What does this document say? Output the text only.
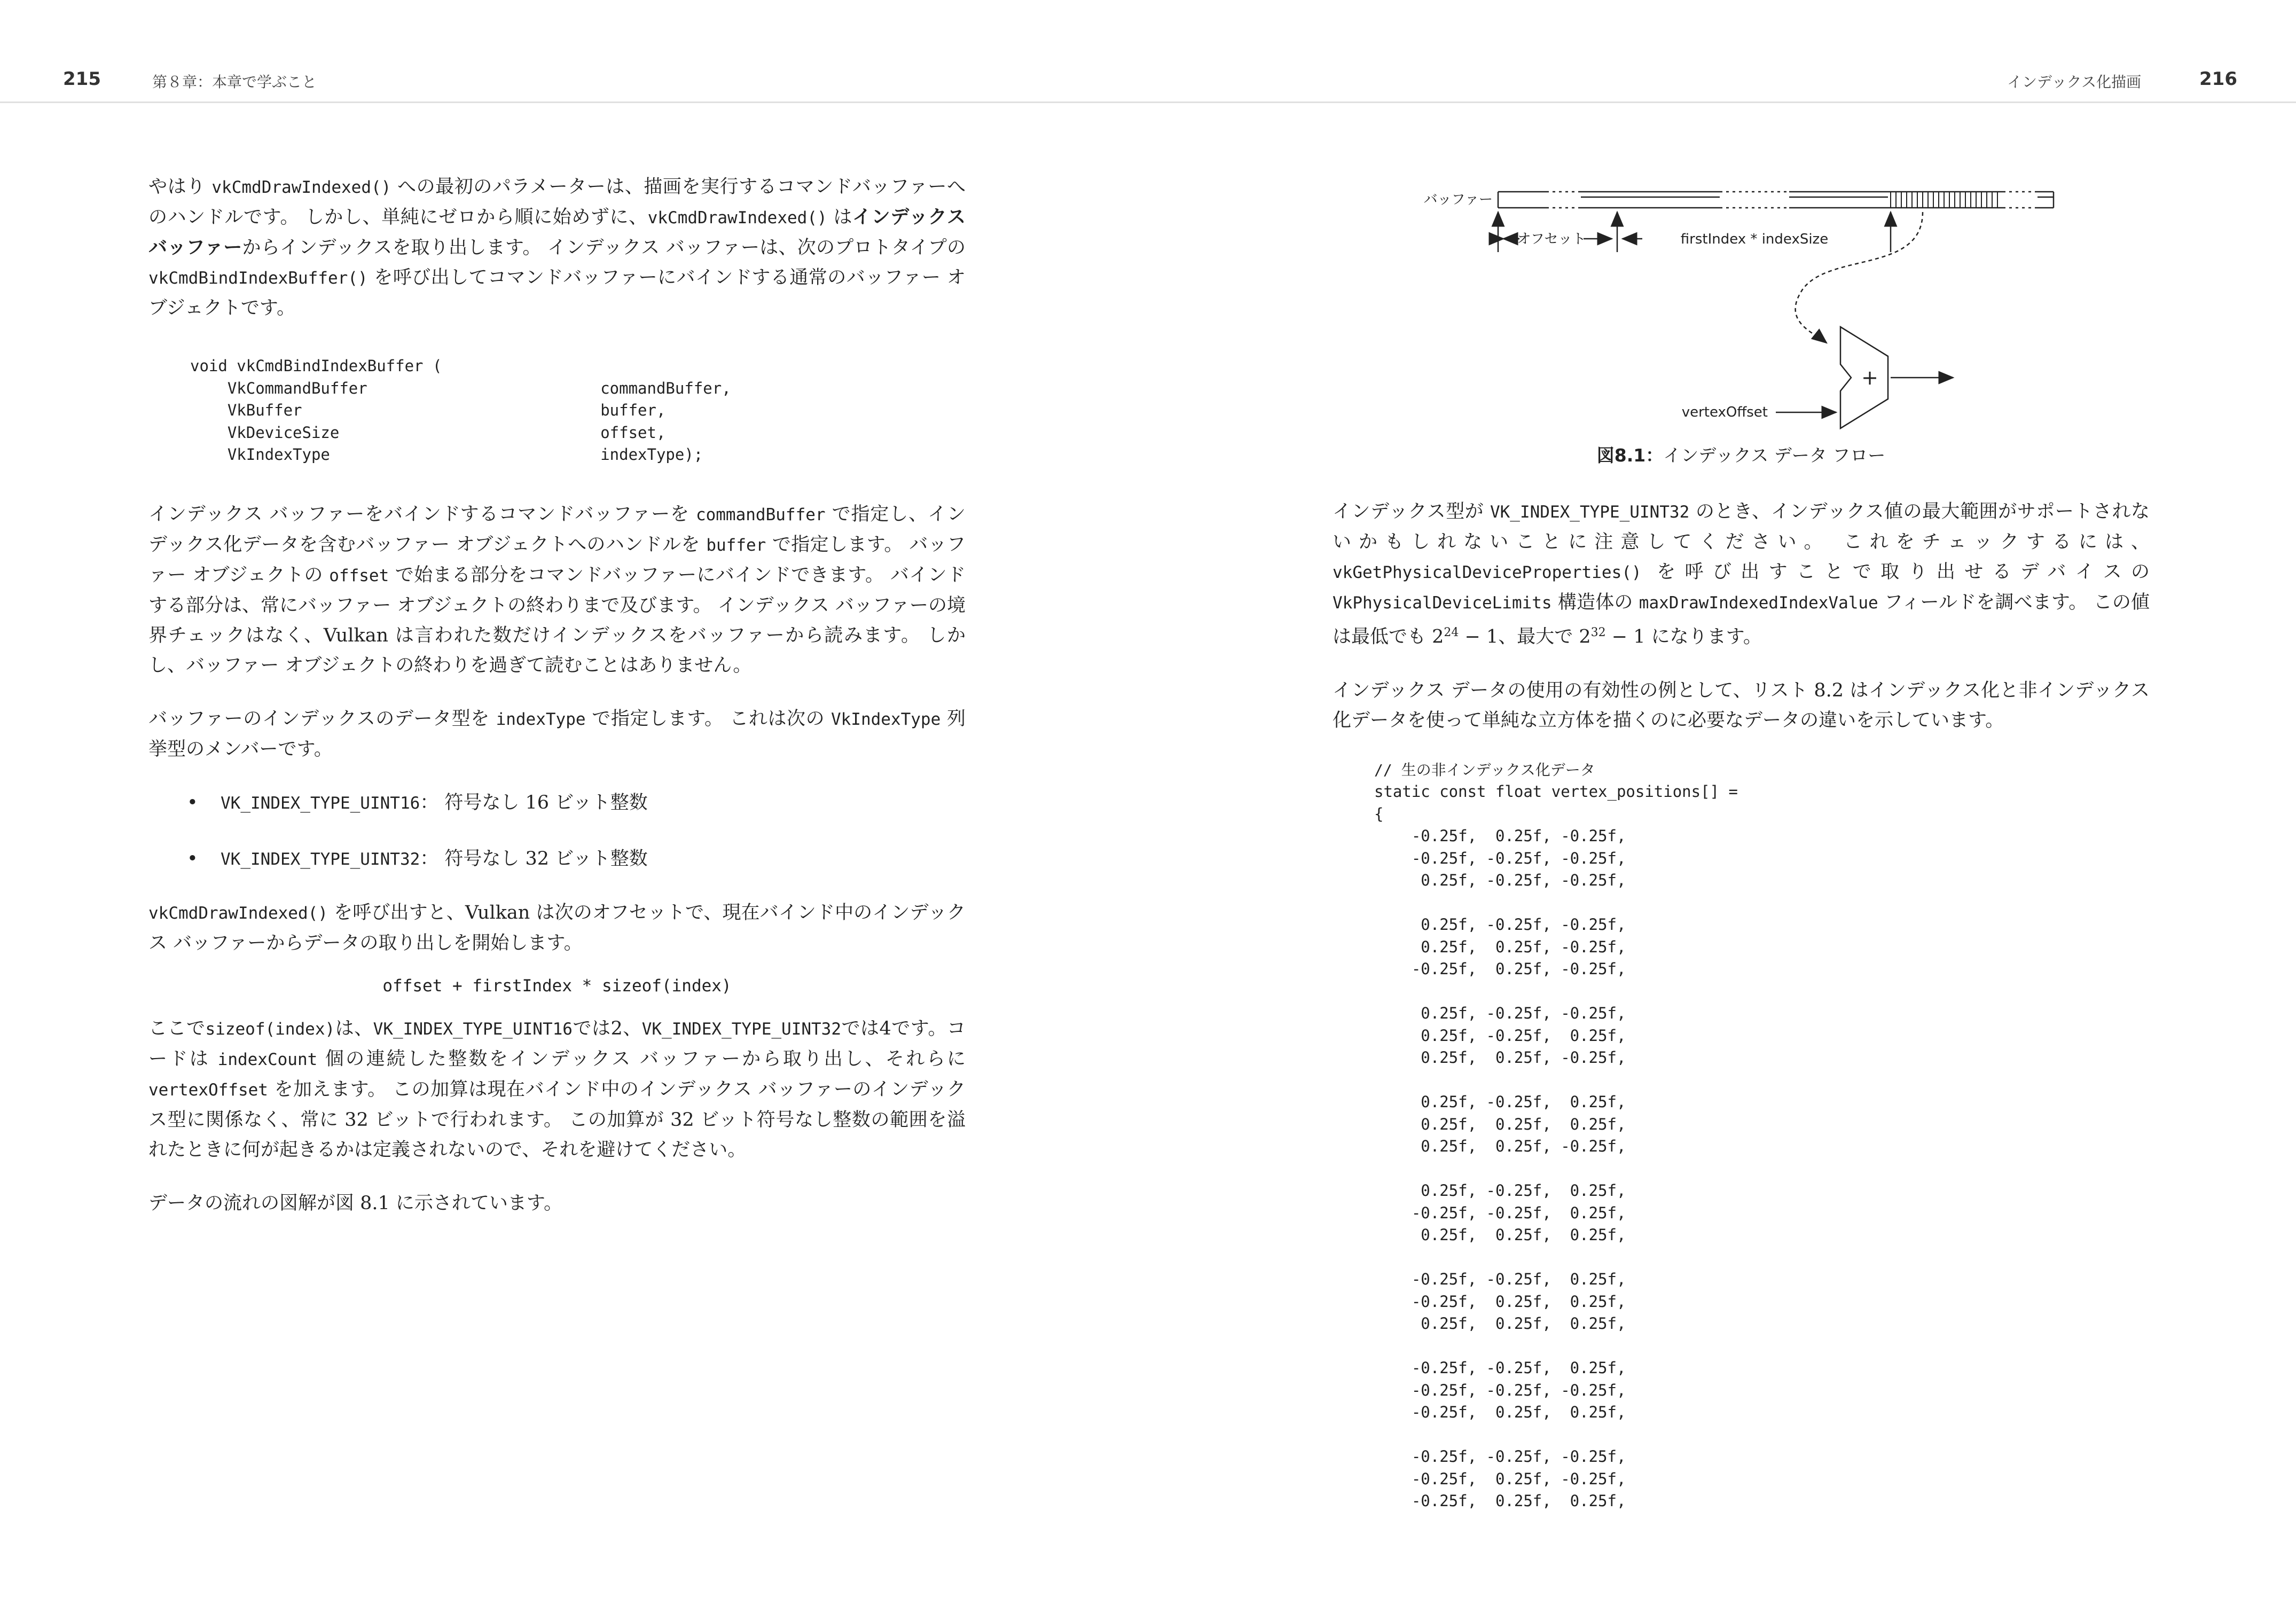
215	第８章：本章で学ぶこと	インデックス化描画	216

やはり vkCmdDrawIndexed() への最初のパラメーターは、描画を実行するコマンドバッファーへのハンドルです。 しかし、単純にゼロから順に始めずに、vkCmdDrawIndexed() はインデックス バッファーからインデックスを取り出します。 インデックス バッファーは、次のプロトタイプの vkCmdBindIndexBuffer() を呼び出してコマンドバッファーにバインドする通常のバッファー オブジェクトです。

void vkCmdBindIndexBuffer (
VkCommandBuffer                         commandBuffer,
VkBuffer                                buffer,
VkDeviceSize                            offset,
VkIndexType                             indexType);

インデックス バッファーをバインドするコマンドバッファーを commandBuffer で指定し、インデックス化データを含むバッファー オブジェクトへのハンドルを buffer で指定します。 バッファー オブジェクトの offset で始まる部分をコマンドバッファーにバインドできます。 バインドする部分は、常にバッファー オブジェクトの終わりまで及びます。 インデックス バッファーの境界チェックはなく、Vulkan は言われた数だけインデックスをバッファーから読みます。 しかし、バッファー オブジェクトの終わりを過ぎて読むことはありません。

バッファーのインデックスのデータ型を indexType で指定します。 これは次の VkIndexType 列挙型のメンバーです。

• VK_INDEX_TYPE_UINT16： 符号なし 16 ビット整数
• VK_INDEX_TYPE_UINT32： 符号なし 32 ビット整数

vkCmdDrawIndexed() を呼び出すと、Vulkan は次のオフセットで、現在バインド中のインデックス バッファーからデータの取り出しを開始します。

offset + firstIndex * sizeof(index)

ここでsizeof(index)は、VK_INDEX_TYPE_UINT16では2、VK_INDEX_TYPE_UINT32では4です。コードは indexCount 個の連続した整数をインデックス バッファーから取り出し、それらに vertexOffset を加えます。 この加算は現在バインド中のインデックス バッファーのインデックス型に関係なく、常に 32 ビットで行われます。 この加算が 32 ビット符号なし整数の範囲を溢れたときに何が起きるかは定義されないので、それを避けてください。

データの流れの図解が図 8.1 に示されています。

バッファー
オフセット	firstIndex * indexSize
+
vertexOffset
図8.1：インデックス データ フロー

インデックス型が VK_INDEX_TYPE_UINT32 のとき、インデックス値の最大範囲がサポートされないかもしれないことに注意してください。 これをチェックするには、vkGetPhysicalDeviceProperties() を呼び出すことで取り出せるデバイスの VkPhysicalDeviceLimits 構造体の maxDrawIndexedIndexValue フィールドを調べます。 この値は最低でも $2^{24} - 1$、最大で $2^{32} - 1$ になります。

インデックス データの使用の有効性の例として、リスト 8.2 はインデックス化と非インデックス化データを使って単純な立方体を描くのに必要なデータの違いを示しています。

// 生の非インデックス化データ
static const float vertex_positions[] =
{
-0.25f,  0.25f, -0.25f,
-0.25f, -0.25f, -0.25f,
0.25f, -0.25f, -0.25f,

0.25f, -0.25f, -0.25f,
0.25f,  0.25f, -0.25f,
-0.25f,  0.25f, -0.25f,

0.25f, -0.25f, -0.25f,
0.25f, -0.25f,  0.25f,
0.25f,  0.25f, -0.25f,

0.25f, -0.25f,  0.25f,
0.25f,  0.25f,  0.25f,
0.25f,  0.25f, -0.25f,

0.25f, -0.25f,  0.25f,
-0.25f, -0.25f,  0.25f,
0.25f,  0.25f,  0.25f,

-0.25f, -0.25f,  0.25f,
-0.25f,  0.25f,  0.25f,
0.25f,  0.25f,  0.25f,

-0.25f, -0.25f,  0.25f,
-0.25f, -0.25f, -0.25f,
-0.25f,  0.25f,  0.25f,

-0.25f, -0.25f, -0.25f,
-0.25f,  0.25f, -0.25f,
-0.25f,  0.25f,  0.25f,
